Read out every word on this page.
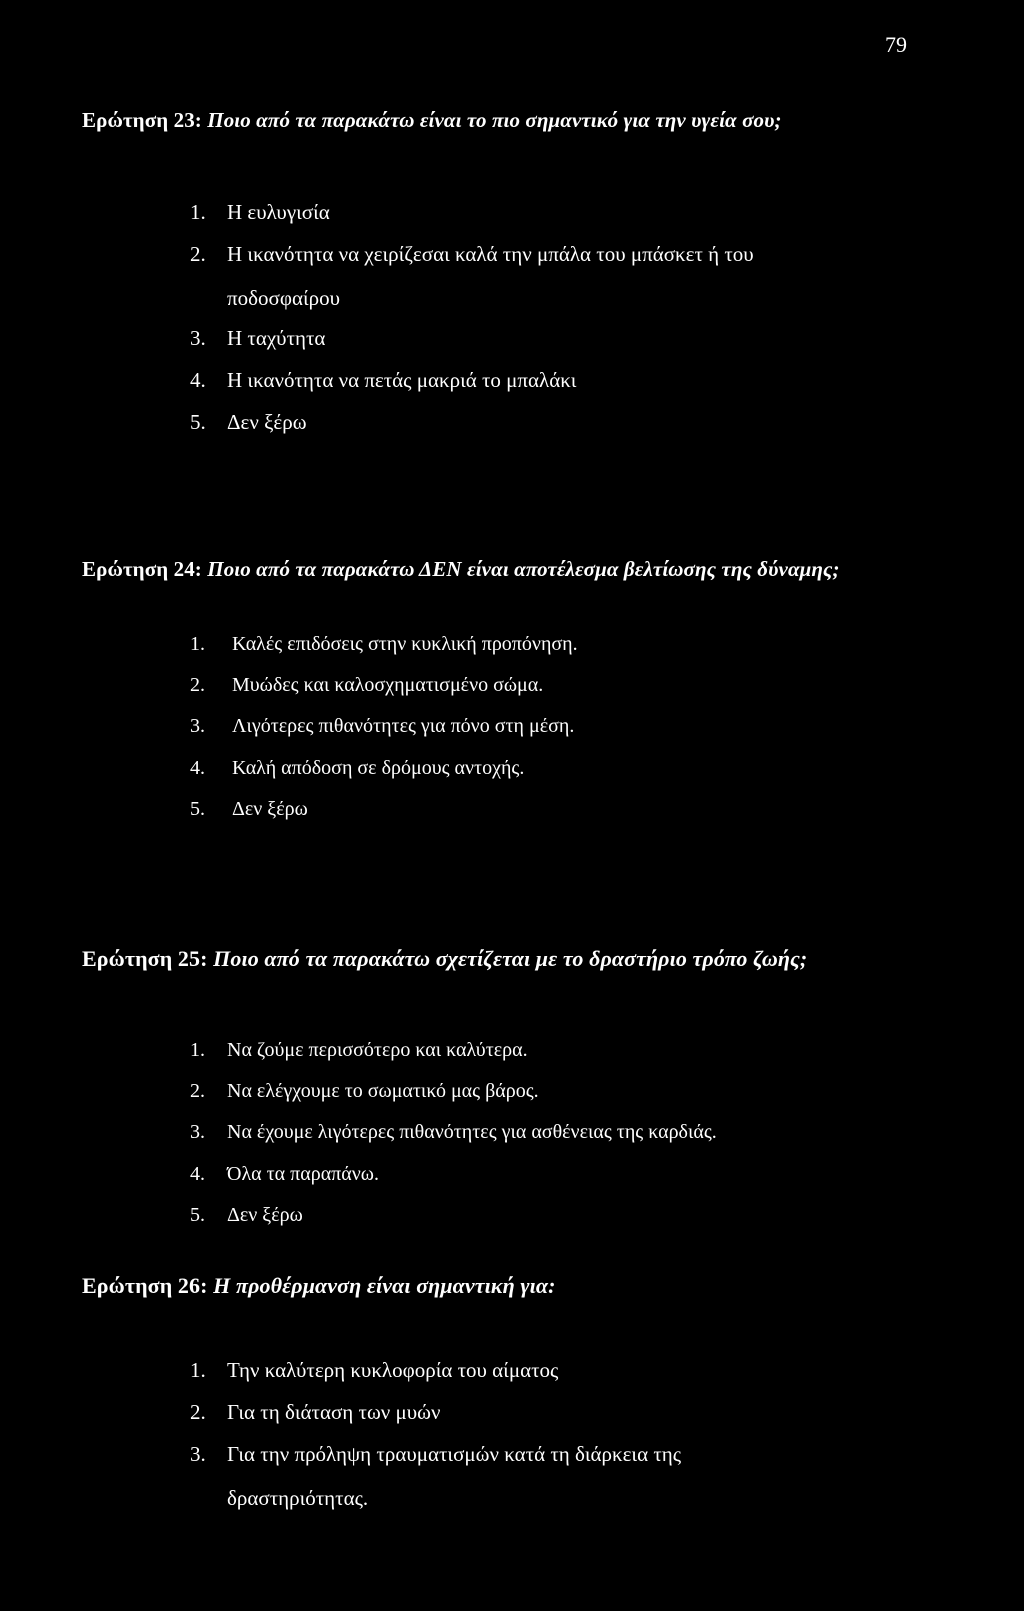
79
Ερώτηση 23: Ποιο από τα παρακάτω είναι το πιο σημαντικό για την υγεία σου;
1. Η ευλυγισία
2. Η ικανότητα να χειρίζεσαι καλά την μπάλα του μπάσκετ ή του
ποδοσφαίρου
3. Η ταχύτητα
4. Η ικανότητα να πετάς μακριά το μπαλάκι
5. Δεν ξέρω
Ερώτηση 24: Ποιο από τα παρακάτω ΔΕΝ είναι αποτέλεσμα βελτίωσης της δύναμης;
1. Καλές επιδόσεις στην κυκλική προπόνηση.
2. Μυώδες και καλοσχηματισμένο σώμα.
3. Λιγότερες πιθανότητες για πόνο στη μέση.
4. Καλή απόδοση σε δρόμους αντοχής.
5. Δεν ξέρω
Ερώτηση 25: Ποιο από τα παρακάτω σχετίζεται με το δραστήριο τρόπο ζωής;
1. Να ζούμε περισσότερο και καλύτερα.
2. Να ελέγχουμε το σωματικό μας βάρος.
3. Να έχουμε λιγότερες πιθανότητες για ασθένειας της καρδιάς.
4. Όλα τα παραπάνω.
5. Δεν ξέρω
Ερώτηση 26: Η προθέρμανση είναι σημαντική για:
1. Την καλύτερη κυκλοφορία του αίματος
2. Για τη διάταση των μυών
3. Για την πρόληψη τραυματισμών κατά τη διάρκεια της
δραστηριότητας.
